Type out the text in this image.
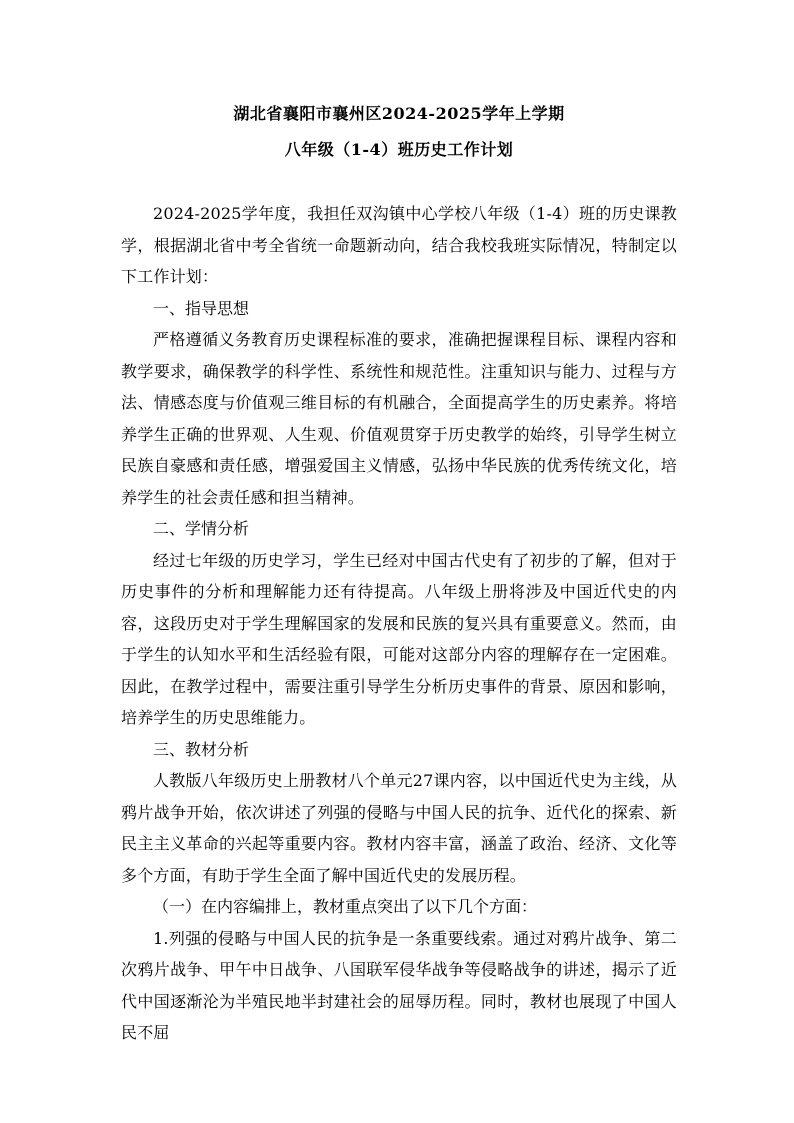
湖北省襄阳市襄州区2024-2025学年上学期
八年级（1-4）班历史工作计划

2024-2025学年度，我担任双沟镇中心学校八年级（1-4）班的历史课教学，根据湖北省中考全省统一命题新动向，结合我校我班实际情况，特制定以下工作计划：

一、指导思想

严格遵循义务教育历史课程标准的要求，准确把握课程目标、课程内容和教学要求，确保教学的科学性、系统性和规范性。注重知识与能力、过程与方法、情感态度与价值观三维目标的有机融合，全面提高学生的历史素养。将培养学生正确的世界观、人生观、价值观贯穿于历史教学的始终，引导学生树立民族自豪感和责任感，增强爱国主义情感，弘扬中华民族的优秀传统文化，培养学生的社会责任感和担当精神。

二、学情分析

经过七年级的历史学习，学生已经对中国古代史有了初步的了解，但对于历史事件的分析和理解能力还有待提高。八年级上册将涉及中国近代史的内容，这段历史对于学生理解国家的发展和民族的复兴具有重要意义。然而，由于学生的认知水平和生活经验有限，可能对这部分内容的理解存在一定困难。因此，在教学过程中，需要注重引导学生分析历史事件的背景、原因和影响，培养学生的历史思维能力。

三、教材分析

人教版八年级历史上册教材八个单元27课内容，以中国近代史为主线，从鸦片战争开始，依次讲述了列强的侵略与中国人民的抗争、近代化的探索、新民主主义革命的兴起等重要内容。教材内容丰富，涵盖了政治、经济、文化等多个方面，有助于学生全面了解中国近代史的发展历程。

（一）在内容编排上，教材重点突出了以下几个方面：

1.列强的侵略与中国人民的抗争是一条重要线索。通过对鸦片战争、第二次鸦片战争、甲午中日战争、八国联军侵华战争等侵略战争的讲述，揭示了近代中国逐渐沦为半殖民地半封建社会的屈辱历程。同时，教材也展现了中国人民不屈
